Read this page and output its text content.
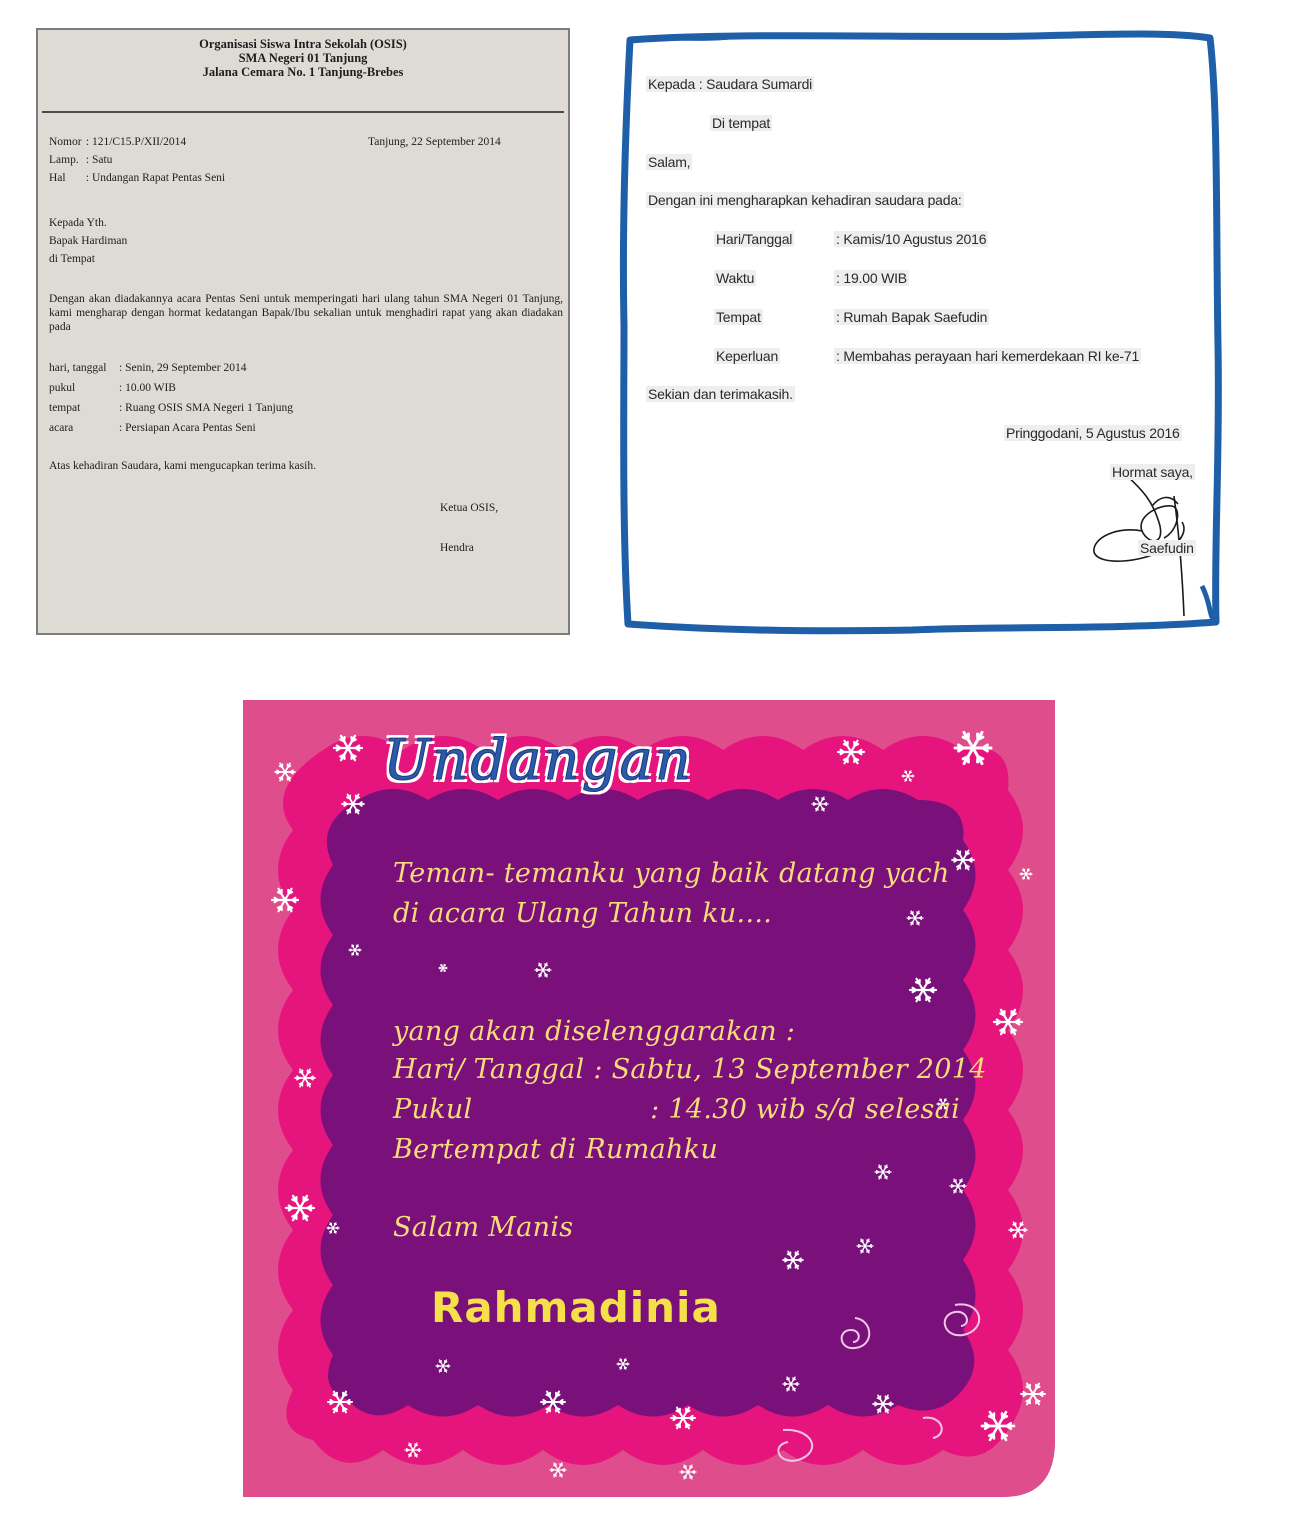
Organisasi Siswa Intra Sekolah (OSIS)
SMA Negeri 01 Tanjung
Jalana Cemara No. 1 Tanjung-Brebes
Nomor : 121/C15.P/XII/2014	Tanjung, 22 September 2014
Lamp. : Satu
Hal : Undangan Rapat Pentas Seni
Kepada Yth.
Bapak Hardiman
di Tempat
Dengan akan diadakannya acara Pentas Seni untuk memperingati hari ulang tahun SMA Negeri 01 Tanjung, kami mengharap dengan hormat kedatangan Bapak/Ibu sekalian untuk menghadiri rapat yang akan diadakan pada
hari, tanggal : Senin, 29 September 2014
pukul	: 10.00 WIB
tempat	: Ruang OSIS SMA Negeri 1 Tanjung
acara	: Persiapan Acara Pentas Seni
Atas kehadiran Saudara, kami mengucapkan terima kasih.
Ketua OSIS,
Hendra
Kepada : Saudara Sumardi
Di tempat
Salam,
Dengan ini mengharapkan kehadiran saudara pada:
Hari/Tanggal	: Kamis/10 Agustus 2016
Waktu	: 19.00 WIB
Tempat	: Rumah Bapak Saefudin
Keperluan	: Membahas perayaan hari kemerdekaan RI ke-71
Sekian dan terimakasih.
Pringgodani, 5 Agustus 2016
Hormat saya,
Saefudin
Undangan
Teman- temanku yang baik datang yach
di acara Ulang Tahun ku....
yang akan diselenggarakan :
Hari/ Tanggal : Sabtu, 13 September 2014
Pukul                    : 14.30 wib s/d selesai
Bertempat di Rumahku
Salam Manis
Rahmadinia
